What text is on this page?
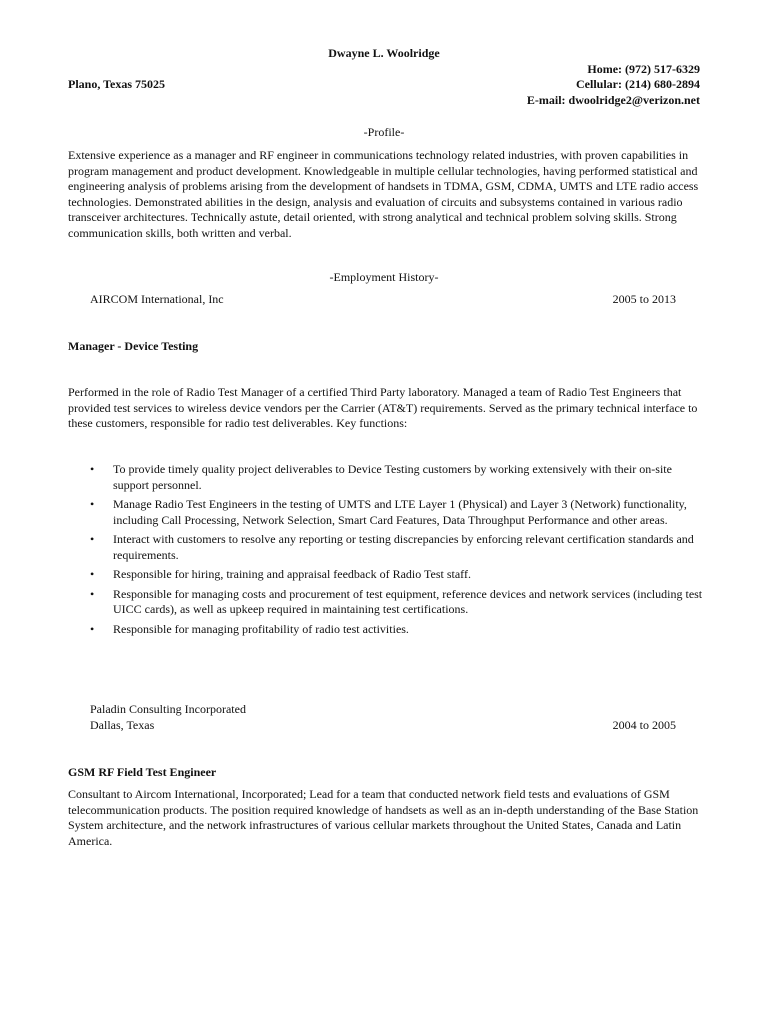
Dwayne L. Woolridge
Home: (972) 517-6329
Plano, Texas 75025	Cellular: (214) 680-2894
E-mail: dwoolridge2@verizon.net
-Profile-
Extensive experience as a manager and RF engineer in communications technology related industries, with proven capabilities in program management and product development. Knowledgeable in multiple cellular technologies, having performed statistical and engineering analysis of problems arising from the development of handsets in TDMA, GSM, CDMA, UMTS and LTE radio access technologies. Demonstrated abilities in the design, analysis and evaluation of circuits and subsystems contained in various radio transceiver architectures. Technically astute, detail oriented, with strong analytical and technical problem solving skills. Strong communication skills, both written and verbal.
-Employment History-
AIRCOM International, Inc	2005 to 2013
Manager - Device Testing
Performed in the role of Radio Test Manager of a certified Third Party laboratory. Managed a team of Radio Test Engineers that provided test services to wireless device vendors per the Carrier (AT&T) requirements. Served as the primary technical interface to these customers, responsible for radio test deliverables. Key functions:
• To provide timely quality project deliverables to Device Testing customers by working extensively with their on-site support personnel.
• Manage Radio Test Engineers in the testing of UMTS and LTE Layer 1 (Physical) and Layer 3 (Network) functionality, including Call Processing, Network Selection, Smart Card Features, Data Throughput Performance and other areas.
• Interact with customers to resolve any reporting or testing discrepancies by enforcing relevant certification standards and requirements.
• Responsible for hiring, training and appraisal feedback of Radio Test staff.
• Responsible for managing costs and procurement of test equipment, reference devices and network services (including test UICC cards), as well as upkeep required in maintaining test certifications.
• Responsible for managing profitability of radio test activities.
Paladin Consulting Incorporated
Dallas, Texas	2004 to 2005
GSM RF Field Test Engineer
Consultant to Aircom International, Incorporated; Lead for a team that conducted network field tests and evaluations of GSM telecommunication products. The position required knowledge of handsets as well as an in-depth understanding of the Base Station System architecture, and the network infrastructures of various cellular markets throughout the United States, Canada and Latin America.
